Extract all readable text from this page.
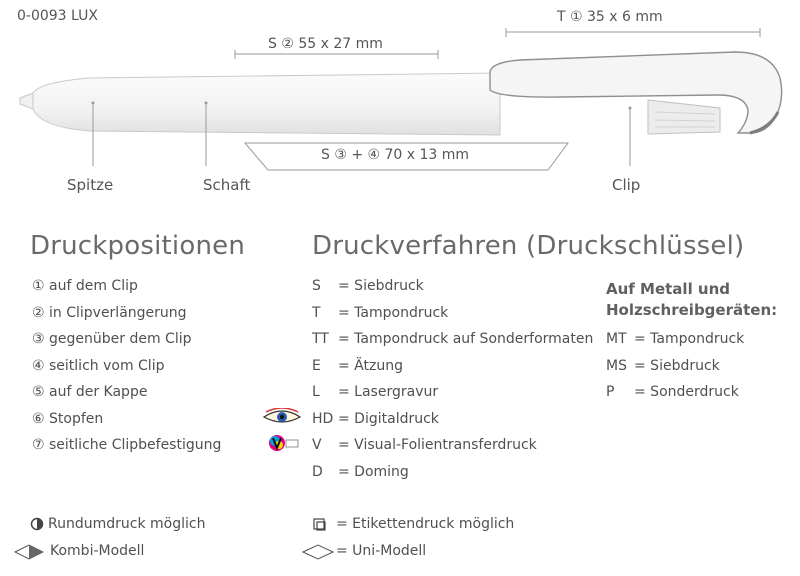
0-0093 LUX	T ① 35 x 6 mm
S ② 55 x 27 mm
S ③ + ④ 70 x 13 mm
Spitze	Schaft	Clip
Druckpositionen	Druckverfahren (Druckschlüssel)
① auf dem Clip
② in Clipverlängerung
③ gegenüber dem Clip
④ seitlich vom Clip
⑤ auf der Kappe
⑥ Stopfen
⑦ seitliche Clipbefestigung
S = Siebdruck
T = Tampondruck
TT = Tampondruck auf Sonderformaten
E = Ätzung
L = Lasergravur
HD = Digitaldruck
V = Visual-Folientransferdruck
D = Doming
Auf Metall und Holzschreibgeräten:
MT = Tampondruck
MS = Siebdruck
P = Sonderdruck
Rundumdruck möglich
Kombi-Modell
= Etikettendruck möglich
= Uni-Modell
